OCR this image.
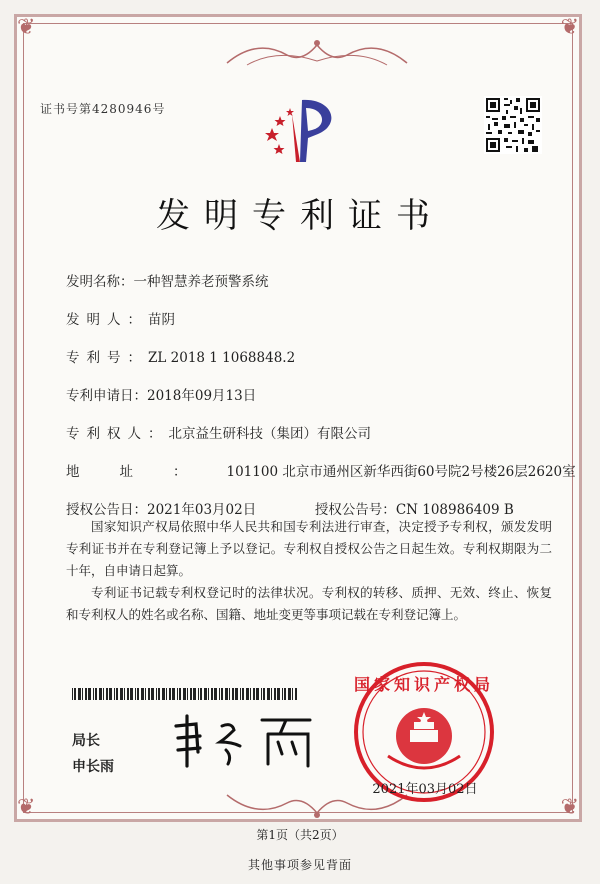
❦	❦
❦	❦
证书号第4280946号
发明专利证书
发明名称：一种智慧养老预警系统
发明人：苗阴
专利号：ZL 2018 1 1068848.2
专利申请日：2018年09月13日
专利权人：北京益生研科技（集团）有限公司
地址：101100 北京市通州区新华西街60号院2号楼26层2620室
授权公告日：2021年03月02日	授权公告号：CN 108986409 B
国家知识产权局依照中华人民共和国专利法进行审查，决定授予专利权，颁发发明专利证书并在专利登记簿上予以登记。专利权自授权公告之日起生效。专利权期限为二十年，自申请日起算。
专利证书记载专利权登记时的法律状况。专利权的转移、质押、无效、终止、恢复和专利权人的姓名或名称、国籍、地址变更等事项记载在专利登记簿上。
局长
申长雨
国家知识产权局
2021年03月02日
第1页（共2页）
其他事项参见背面
